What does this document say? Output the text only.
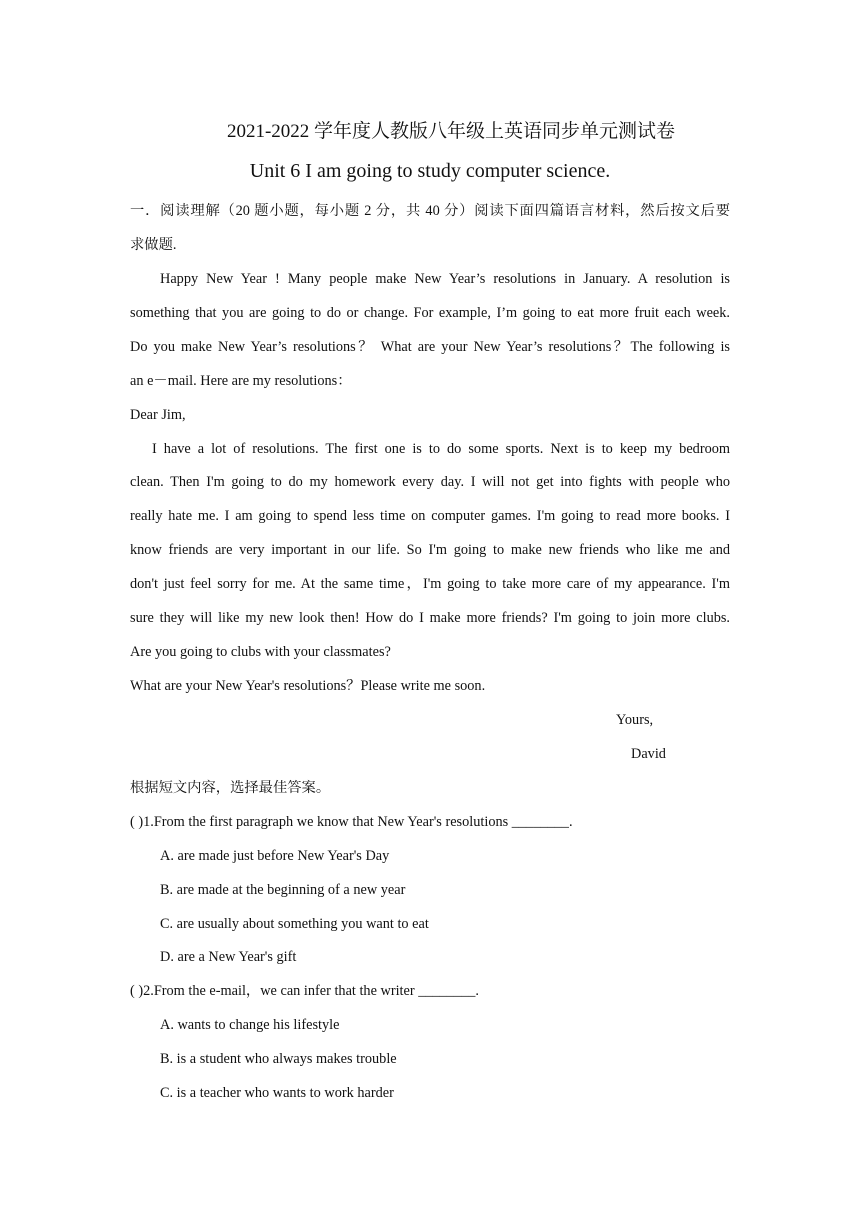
2021-2022 学年度人教版八年级上英语同步单元测试卷
Unit 6 I am going to study computer science.
一．阅读理解（20 题小题，每小题 2 分，共 40 分）阅读下面四篇语言材料，然后按文后要
求做题.
Happy New Year ! Many people make New Year’s resolutions in January. A resolution is
something that you are going to do or change. For example, I’m going to eat more fruit each week.
Do you make New Year’s resolutions？ What are your New Year’s resolutions？The following is
an e－mail. Here are my resolutions：
Dear Jim,
I have a lot of resolutions. The first one is to do some sports. Next is to keep my bedroom
clean. Then I'm going to do my homework every day. I will not get into fights with people who
really hate me. I am going to spend less time on computer games. I'm going to read more books. I
know friends are very important in our life. So I'm going to make new friends who like me and
don't just feel sorry for me. At the same time，I'm going to take more care of my appearance. I'm
sure they will like my new look then! How do I make more friends? I'm going to join more clubs.
Are you going to clubs with your classmates?
What are your New Year's resolutions？Please write me soon.
Yours,
David
根据短文内容，选择最佳答案。
( )1.From the first paragraph we know that New Year's resolutions ________.
A. are made just before New Year's Day
B. are made at the beginning of a new year
C. are usually about something you want to eat
D. are a New Year's gift
( )2.From the e-mail，we can infer that the writer ________.
A. wants to change his lifestyle
B. is a student who always makes trouble
C. is a teacher who wants to work harder
